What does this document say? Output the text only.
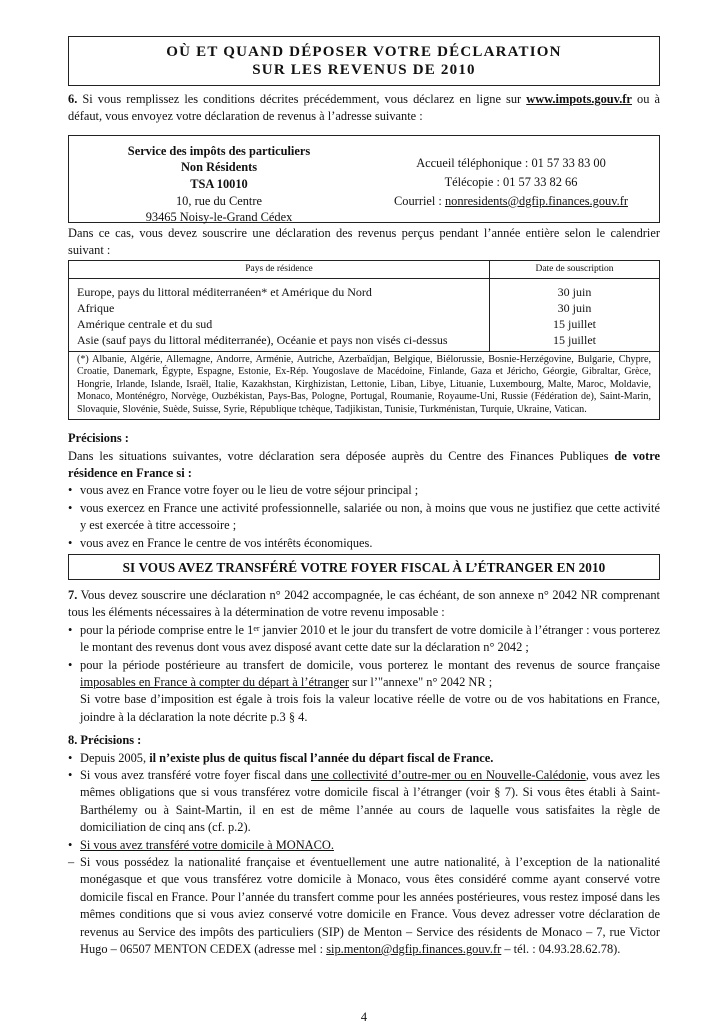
OÙ ET QUAND DÉPOSER VOTRE DÉCLARATION
SUR LES REVENUS DE 2010

6. Si vous remplissez les conditions décrites précédemment, vous déclarez en ligne sur www.impots.gouv.fr ou à défaut, vous envoyez votre déclaration de revenus à l’adresse suivante :

Service des impôts des particuliers
Non Résidents
TSA 10010
10, rue du Centre
93465 Noisy-le-Grand Cédex
Accueil téléphonique : 01 57 33 83 00
Télécopie : 01 57 33 82 66
Courriel : nonresidents@dgfip.finances.gouv.fr

Dans ce cas, vous devez souscrire une déclaration des revenus perçus pendant l’année entière selon le calendrier suivant :

Pays de résidence	Date de souscription
Europe, pays du littoral méditerranéen* et Amérique du Nord	30 juin
Afrique	30 juin
Amérique centrale et du sud	15 juillet
Asie (sauf pays du littoral méditerranée), Océanie et pays non visés ci-dessus	15 juillet
(*) Albanie, Algérie, Allemagne, Andorre, Arménie, Autriche, Azerbaïdjan, Belgique, Biélorussie, Bosnie-Herzégovine, Bulgarie, Chypre, Croatie, Danemark, Égypte, Espagne, Estonie, Ex-Rép. Yougoslave de Macédoine, Finlande, Gaza et Jéricho, Géorgie, Gibraltar, Grèce, Hongrie, Irlande, Islande, Israël, Italie, Kazakhstan, Kirghizistan, Lettonie, Liban, Libye, Lituanie, Luxembourg, Malte, Maroc, Moldavie, Monaco, Monténégro, Norvège, Ouzbékistan, Pays-Bas, Pologne, Portugal, Roumanie, Royaume-Uni, Russie (Fédération de), Saint-Marin, Slovaquie, Slovénie, Suède, Suisse, Syrie, République tchèque, Tadjikistan, Tunisie, Turkménistan, Turquie, Ukraine, Vatican.

Précisions :

Dans les situations suivantes, votre déclaration sera déposée auprès du Centre des Finances Publiques de votre résidence en France si :

• vous avez en France votre foyer ou le lieu de votre séjour principal ;
• vous exercez en France une activité professionnelle, salariée ou non, à moins que vous ne justifiez que cette activité y est exercée à titre accessoire ;
• vous avez en France le centre de vos intérêts économiques.
SI VOUS AVEZ TRANSFÉRÉ VOTRE FOYER FISCAL À L’ÉTRANGER EN 2010

7. Vous devez souscrire une déclaration n° 2042 accompagnée, le cas échéant, de son annexe n° 2042 NR comprenant tous les éléments nécessaires à la détermination de votre revenu imposable :

• pour la période comprise entre le 1er janvier 2010 et le jour du transfert de votre domicile à l’étranger : vous porterez le montant des revenus dont vous avez disposé avant cette date sur la déclaration n° 2042 ;
• pour la période postérieure au transfert de domicile, vous porterez le montant des revenus de source française imposables en France à compter du départ à l’étranger sur l’"annexe" n° 2042 NR ;
Si votre base d’imposition est égale à trois fois la valeur locative réelle de votre ou de vos habitations en France, joindre à la déclaration la note décrite p.3 § 4.

8. Précisions :

• Depuis 2005, il n’existe plus de quitus fiscal l’année du départ fiscal de France.
• Si vous avez transféré votre foyer fiscal dans une collectivité d’outre-mer ou en Nouvelle-Calédonie, vous avez les mêmes obligations que si vous transférez votre domicile fiscal à l’étranger (voir § 7). Si vous êtes établi à Saint-Barthélemy ou à Saint-Martin, il en est de même l’année au cours de laquelle vous satisfaites la règle de domiciliation de cinq ans (cf. p.2).
• Si vous avez transféré votre domicile à MONACO.
– Si vous possédez la nationalité française et éventuellement une autre nationalité, à l’exception de la nationalité monégasque et que vous transférez votre domicile à Monaco, vous êtes considéré comme ayant conservé votre domicile fiscal en France. Pour l’année du transfert comme pour les années postérieures, vous restez imposé dans les mêmes conditions que si vous aviez conservé votre domicile en France. Vous devez adresser votre déclaration de revenus au Service des impôts des particuliers (SIP) de Menton – Service des résidents de Monaco – 7, rue Victor Hugo – 06507 MENTON CEDEX (adresse mel : sip.menton@dgfip.finances.gouv.fr – tél. : 04.93.28.62.78).
4
